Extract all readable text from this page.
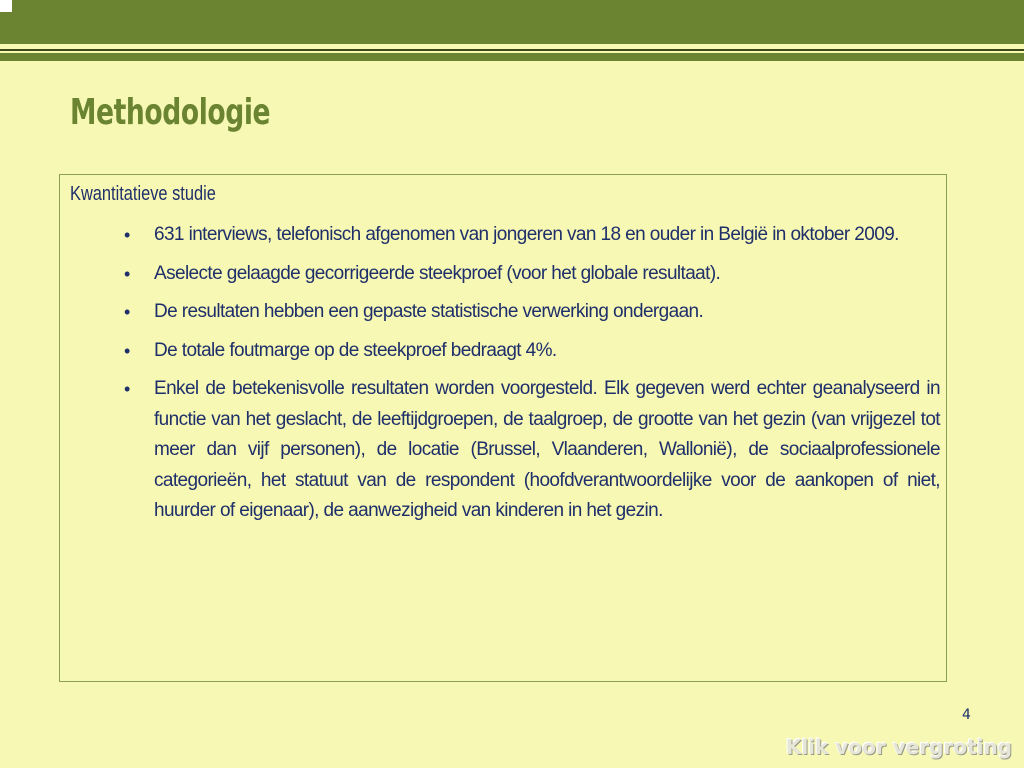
Methodologie
Kwantitatieve studie
• 631 interviews, telefonisch afgenomen van jongeren van 18 en ouder in België in oktober 2009.
• Aselecte gelaagde gecorrigeerde steekproef (voor het globale resultaat).
• De resultaten hebben een gepaste statistische verwerking ondergaan.
• De totale foutmarge op de steekproef bedraagt 4%.
• Enkel de betekenisvolle resultaten worden voorgesteld. Elk gegeven werd echter geanalyseerd in functie van het geslacht, de leeftijdgroepen, de taalgroep, de grootte van het gezin (van vrijgezel tot meer dan vijf personen), de locatie (Brussel, Vlaanderen, Wallonië), de sociaalprofessionele categorieën, het statuut van de respondent (hoofdverantwoordelijke voor de aankopen of niet, huurder of eigenaar), de aanwezigheid van kinderen in het gezin.
4
Klik voor vergroting
